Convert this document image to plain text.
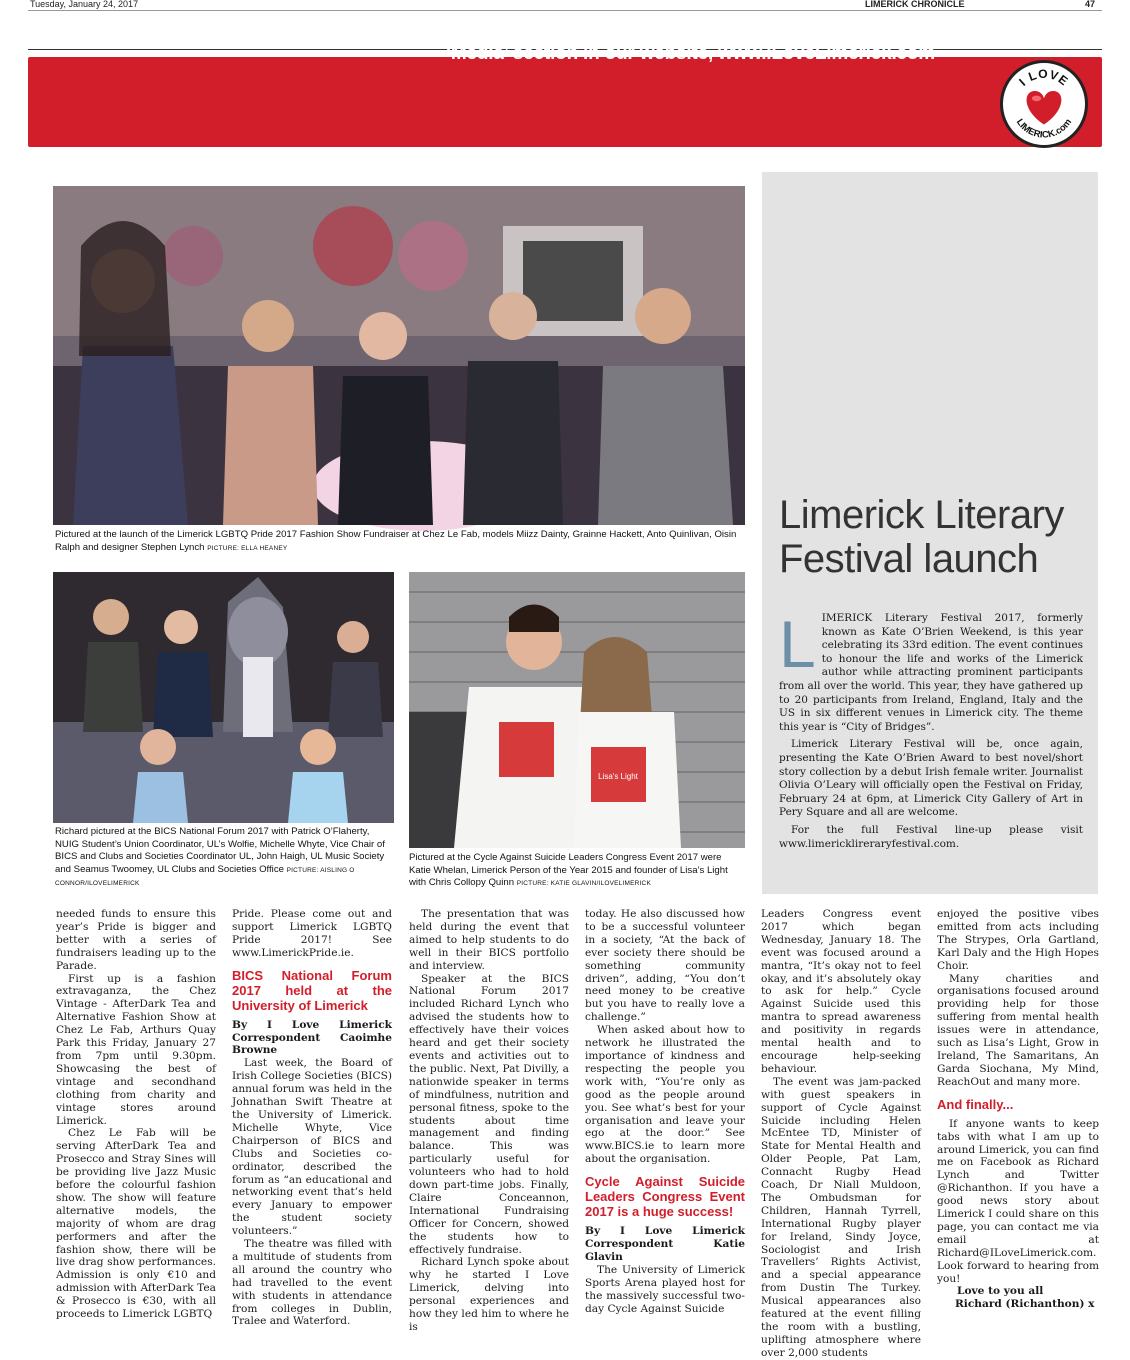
Tuesday, January 24, 2017	LIMERICK CHRONICLE	47
To see lots of great Limerick videos, look under the
‘Media’ section in our website, www.ILoveLimerick.com
I LOVE
LIMERICK.com
Pictured at the launch of the Limerick LGBTQ Pride 2017 Fashion Show Fundraiser at Chez Le Fab, models Miizz Dainty, Grainne Hackett, Anto Quinlivan, Oisin Ralph and designer Stephen Lynch PICTURE: ELLA HEANEY
Limerick Literary
Festival launch

LIMERICK Literary Festival 2017, formerly known as Kate O’Brien Weekend, is this year celebrating its 33rd edition. The event continues to honour the life and works of the Limerick author while attracting prominent participants from all over the world. This year, they have gathered up to 20 participants from Ireland, England, Italy and the US in six different venues in Limerick city. The theme this year is “City of Bridges”.

Limerick Literary Festival will be, once again, presenting the Kate O’Brien Award to best novel/short story collection by a debut Irish female writer. Journalist Olivia O’Leary will officially open the Festival on Friday, February 24 at 6pm, at Limerick City Gallery of Art in Pery Square and all are welcome.

For the full Festival line-up please visit www.limericklireraryfestival.com.

Richard pictured at the BICS National Forum 2017 with Patrick O’Flaherty, NUIG Student’s Union Coordinator, UL’s Wolfie, Michelle Whyte, Vice Chair of BICS and Clubs and Societies Coordinator UL, John Haigh, UL Music Society and Seamus Twoomey, UL Clubs and Societies Office PICTURE: AISLING O CONNOR/ILOVELIMERICK
Lisa's Light
Pictured at the Cycle Against Suicide Leaders Congress Event 2017 were Katie Whelan, Limerick Person of the Year 2015 and founder of Lisa’s Light with Chris Collopy Quinn PICTURE: KATIE GLAVIN/ILOVELIMERICK

needed funds to ensure this year’s Pride is bigger and better with a series of fundraisers leading up to the Parade.

First up is a fashion extravaganza, the Chez Vintage - AfterDark Tea and Alternative Fashion Show at Chez Le Fab, Arthurs Quay Park this Friday, January 27 from 7pm until 9.30pm. Showcasing the best of vintage and secondhand clothing from charity and vintage stores around Limerick.

Chez Le Fab will be serving AfterDark Tea and Prosecco and Stray Sines will be providing live Jazz Music before the colourful fashion show. The show will feature alternative models, the majority of whom are drag performers and after the fashion show, there will be live drag show performances. Admission is only €10 and admission with AfterDark Tea & Prosecco is €30, with all proceeds to Limerick LGBTQ

Pride. Please come out and support Limerick LGBTQ Pride 2017! See www.LimerickPride.ie.

BICS National Forum 2017 held at the University of Limerick

By I Love Limerick Correspondent Caoimhe Browne

Last week, the Board of Irish College Societies (BICS) annual forum was held in the Johnathan Swift Theatre at the University of Limerick. Michelle Whyte, Vice Chairperson of BICS and Clubs and Societies co-ordinator, described the forum as “an educational and networking event that’s held every January to empower the student society volunteers.”

The theatre was filled with a multitude of students from all around the country who had travelled to the event with students in attendance from colleges in Dublin, Tralee and Waterford.

The presentation that was held during the event that aimed to help students to do well in their BICS portfolio and interview.

Speaker at the BICS National Forum 2017 included Richard Lynch who advised the students how to effectively have their voices heard and get their society events and activities out to the public. Next, Pat Divilly, a nationwide speaker in terms of mindfulness, nutrition and personal fitness, spoke to the students about time management and finding balance. This was particularly useful for volunteers who had to hold down part-time jobs. Finally, Claire Conceannon, International Fundraising Officer for Concern, showed the students how to effectively fundraise.

Richard Lynch spoke about why he started I Love Limerick, delving into personal experiences and how they led him to where he is

today. He also discussed how to be a successful volunteer in a society, “At the back of ever society there should be something community driven”, adding, “You don’t need money to be creative but you have to really love a challenge.”

When asked about how to network he illustrated the importance of kindness and respecting the people you work with, “You’re only as good as the people around you. See what’s best for your organisation and leave your ego at the door.” See www.BICS.ie to learn more about the organisation.

Cycle Against Suicide Leaders Congress Event 2017 is a huge success!

By I Love Limerick Correspondent Katie Glavin

The University of Limerick Sports Arena played host for the massively successful two-day Cycle Against Suicide

Leaders Congress event 2017 which began Wednesday, January 18. The event was focused around a mantra, “It’s okay not to feel okay, and it’s absolutely okay to ask for help.” Cycle Against Suicide used this mantra to spread awareness and positivity in regards mental health and to encourage help-seeking behaviour.

The event was jam-packed with guest speakers in support of Cycle Against Suicide including Helen McEntee TD, Minister of State for Mental Health and Older People, Pat Lam, Connacht Rugby Head Coach, Dr Niall Muldoon, The Ombudsman for Children, Hannah Tyrrell, International Rugby player for Ireland, Sindy Joyce, Sociologist and Irish Travellers’ Rights Activist, and a special appearance from Dustin The Turkey. Musical appearances also featured at the event filling the room with a bustling, uplifting atmosphere where over 2,000 students

enjoyed the positive vibes emitted from acts including The Strypes, Orla Gartland, Karl Daly and the High Hopes Choir.

Many charities and organisations focused around providing help for those suffering from mental health issues were in attendance, such as Lisa’s Light, Grow in Ireland, The Samaritans, An Garda Siochana, My Mind, ReachOut and many more.

And finally...

If anyone wants to keep tabs with what I am up to around Limerick, you can find me on Facebook as Richard Lynch and Twitter @Richanthon. If you have a good news story about Limerick I could share on this page, you can contact me via email at Richard@ILoveLimerick.com. Look forward to hearing from you!

Love to you all

Richard (Richanthon) x
